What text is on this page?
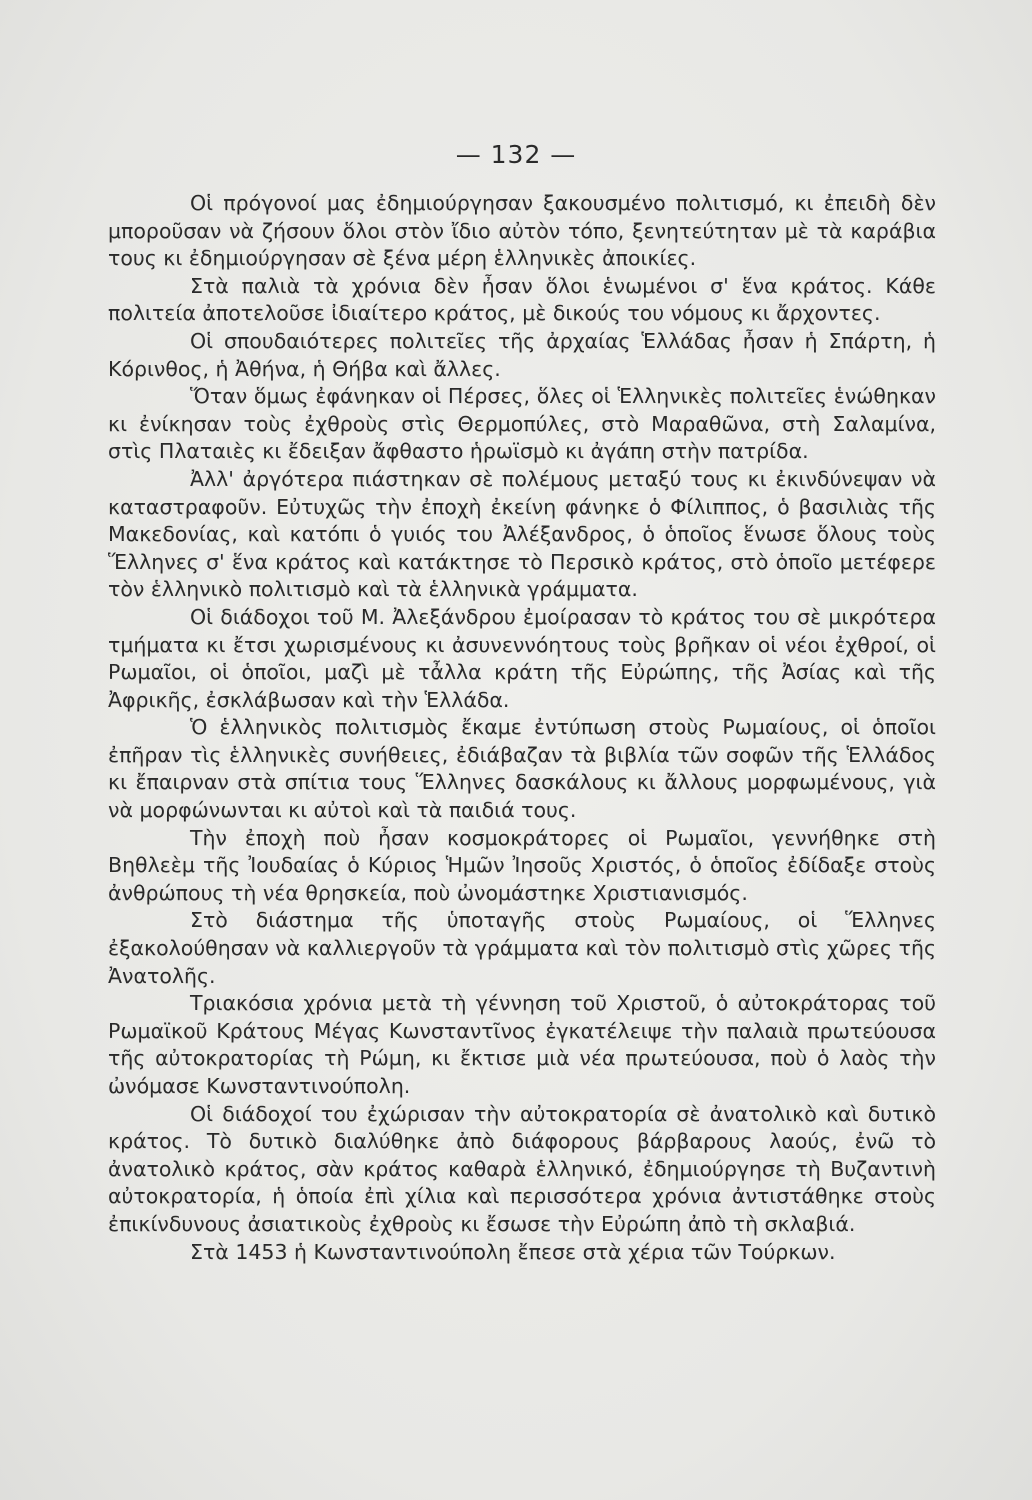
— 132 —

Οἱ πρόγονοί μας ἐδημιούργησαν ξακουσμένο πολιτισμό, κι ἐπειδὴ δὲν μποροῦσαν νὰ ζήσουν ὅλοι στὸν ἴδιο αὐτὸν τόπο, ξενητεύτηταν μὲ τὰ καράβια τους κι ἐδημιούργησαν σὲ ξένα μέρη ἑλληνικὲς ἀποικίες.

Στὰ παλιὰ τὰ χρόνια δὲν ἦσαν ὅλοι ἑνωμένοι σ' ἕνα κράτος. Κάθε πολιτεία ἀποτελοῦσε ἰδιαίτερο κράτος, μὲ δικούς του νόμους κι ἄρχοντες.

Οἱ σπουδαιότερες πολιτεῖες τῆς ἀρχαίας Ἑλλάδας ἦσαν ἡ Σπάρτη, ἡ Κόρινθος, ἡ Ἀθήνα, ἡ Θήβα καὶ ἄλλες.

Ὅταν ὅμως ἐφάνηκαν οἱ Πέρσες, ὅλες οἱ Ἑλληνικὲς πολιτεῖες ἑνώθηκαν κι ἐνίκησαν τοὺς ἐχθροὺς στὶς Θερμοπύλες, στὸ Μαραθῶνα, στὴ Σαλαμίνα, στὶς Πλαταιὲς κι ἔδειξαν ἄφθαστο ἡρωϊσμὸ κι ἀγάπη στὴν πατρίδα.

Ἀλλ' ἀργότερα πιάστηκαν σὲ πολέμους μεταξύ τους κι ἐκινδύνεψαν νὰ καταστραφοῦν. Εὐτυχῶς τὴν ἐποχὴ ἐκείνη φάνηκε ὁ Φίλιππος, ὁ βασιλιὰς τῆς Μακεδονίας, καὶ κατόπι ὁ γυιός του Ἀλέξανδρος, ὁ ὁποῖος ἕνωσε ὅλους τοὺς Ἕλληνες σ' ἕνα κράτος καὶ κατάκτησε τὸ Περσικὸ κράτος, στὸ ὁποῖο μετέφερε τὸν ἑλληνικὸ πολιτισμὸ καὶ τὰ ἑλληνικὰ γράμματα.

Οἱ διάδοχοι τοῦ Μ. Ἀλεξάνδρου ἐμοίρασαν τὸ κράτος του σὲ μικρότερα τμήματα κι ἔτσι χωρισμένους κι ἀσυνεννόητους τοὺς βρῆκαν οἱ νέοι ἐχθροί, οἱ Ρωμαῖοι, οἱ ὁποῖοι, μαζὶ μὲ τἆλλα κράτη τῆς Εὐρώπης, τῆς Ἀσίας καὶ τῆς Ἀφρικῆς, ἐσκλάβωσαν καὶ τὴν Ἑλλάδα.

Ὁ ἑλληνικὸς πολιτισμὸς ἔκαμε ἐντύπωση στοὺς Ρωμαίους, οἱ ὁποῖοι ἐπῆραν τὶς ἑλληνικὲς συνήθειες, ἐδιάβαζαν τὰ βιβλία τῶν σοφῶν τῆς Ἑλλάδος κι ἔπαιρναν στὰ σπίτια τους Ἕλληνες δασκάλους κι ἄλλους μορφωμένους, γιὰ νὰ μορφώνωνται κι αὐτοὶ καὶ τὰ παιδιά τους.

Τὴν ἐποχὴ ποὺ ἦσαν κοσμοκράτορες οἱ Ρωμαῖοι, γεννήθηκε στὴ Βηθλεὲμ τῆς Ἰουδαίας ὁ Κύριος Ἡμῶν Ἰησοῦς Χριστός, ὁ ὁποῖος ἐδίδαξε στοὺς ἀνθρώπους τὴ νέα θρησκεία, ποὺ ὠνομάστηκε Χριστιανισμός.

Στὸ διάστημα τῆς ὑποταγῆς στοὺς Ρωμαίους, οἱ Ἕλληνες ἐξακολούθησαν νὰ καλλιεργοῦν τὰ γράμματα καὶ τὸν πολιτισμὸ στὶς χῶρες τῆς Ἀνατολῆς.

Τριακόσια χρόνια μετὰ τὴ γέννηση τοῦ Χριστοῦ, ὁ αὐτοκράτορας τοῦ Ρωμαϊκοῦ Κράτους Μέγας Κωνσταντῖνος ἐγκατέλειψε τὴν παλαιὰ πρωτεύουσα τῆς αὐτοκρατορίας τὴ Ρώμη, κι ἔκτισε μιὰ νέα πρωτεύουσα, ποὺ ὁ λαὸς τὴν ὠνόμασε Κωνσταντινούπολη.

Οἱ διάδοχοί του ἐχώρισαν τὴν αὐτοκρατορία σὲ ἀνατολικὸ καὶ δυτικὸ κράτος. Τὸ δυτικὸ διαλύθηκε ἀπὸ διάφορους βάρβαρους λαούς, ἐνῶ τὸ ἀνατολικὸ κράτος, σὰν κράτος καθαρὰ ἑλληνικό, ἐδημιούργησε τὴ Βυζαντινὴ αὐτοκρατορία, ἡ ὁποία ἐπὶ χίλια καὶ περισσότερα χρόνια ἀντιστάθηκε στοὺς ἐπικίνδυνους ἀσιατικοὺς ἐχθροὺς κι ἔσωσε τὴν Εὐρώπη ἀπὸ τὴ σκλαβιά.

Στὰ 1453 ἡ Κωνσταντινούπολη ἔπεσε στὰ χέρια τῶν Τούρκων.
